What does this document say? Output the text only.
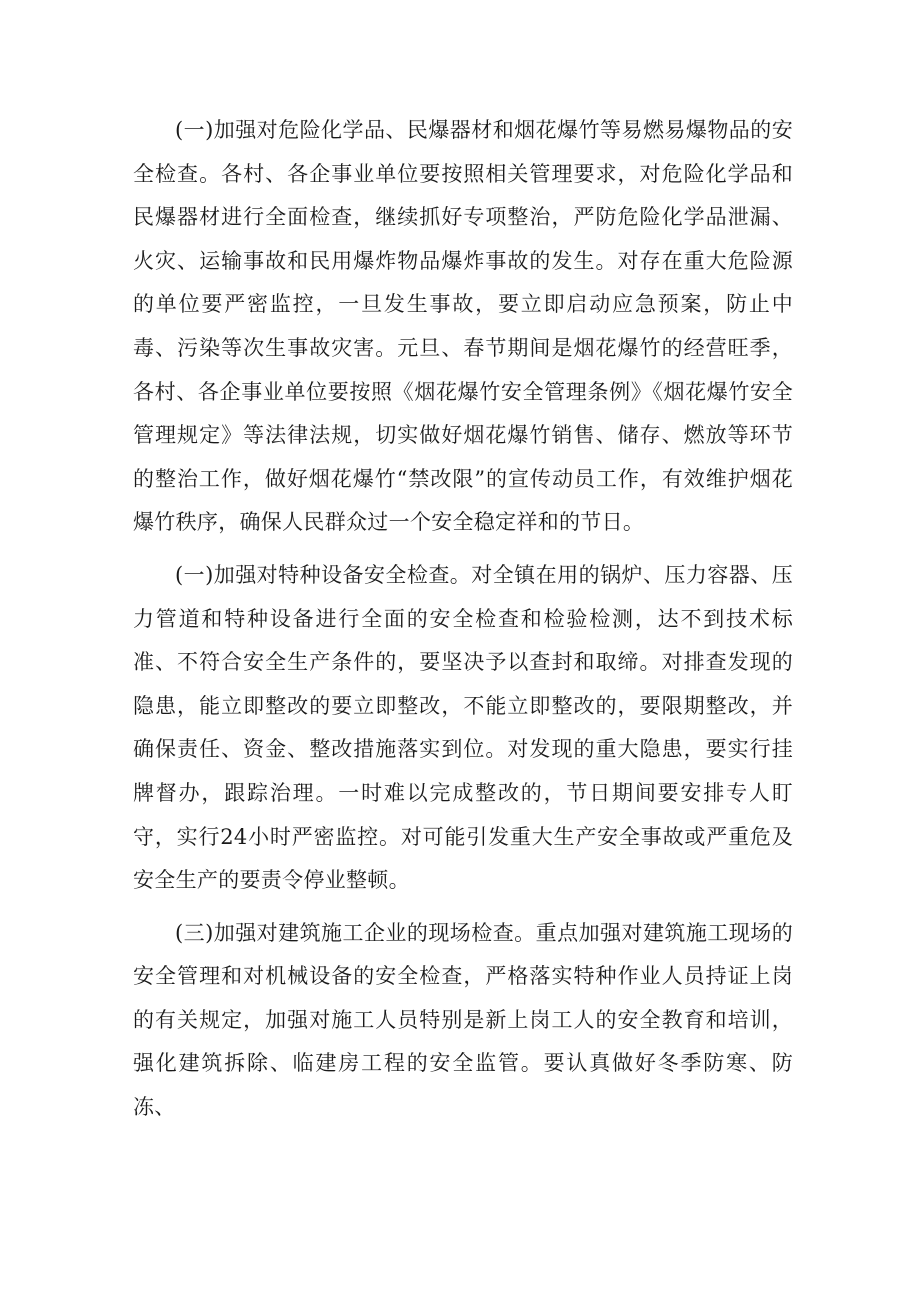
(一)加强对危险化学品、民爆器材和烟花爆竹等易燃易爆物品的安全检查。各村、各企事业单位要按照相关管理要求，对危险化学品和民爆器材进行全面检查，继续抓好专项整治，严防危险化学品泄漏、火灾、运输事故和民用爆炸物品爆炸事故的发生。对存在重大危险源的单位要严密监控，一旦发生事故，要立即启动应急预案，防止中毒、污染等次生事故灾害。元旦、春节期间是烟花爆竹的经营旺季，各村、各企事业单位要按照《烟花爆竹安全管理条例》《烟花爆竹安全管理规定》等法律法规，切实做好烟花爆竹销售、储存、燃放等环节的整治工作，做好烟花爆竹“禁改限”的宣传动员工作，有效维护烟花爆竹秩序，确保人民群众过一个安全稳定祥和的节日。

(一)加强对特种设备安全检查。对全镇在用的锅炉、压力容器、压力管道和特种设备进行全面的安全检查和检验检测，达不到技术标准、不符合安全生产条件的，要坚决予以查封和取缔。对排查发现的隐患，能立即整改的要立即整改，不能立即整改的，要限期整改，并确保责任、资金、整改措施落实到位。对发现的重大隐患，要实行挂牌督办，跟踪治理。一时难以完成整改的，节日期间要安排专人盯守，实行24小时严密监控。对可能引发重大生产安全事故或严重危及安全生产的要责令停业整顿。

(三)加强对建筑施工企业的现场检查。重点加强对建筑施工现场的安全管理和对机械设备的安全检查，严格落实特种作业人员持证上岗的有关规定，加强对施工人员特别是新上岗工人的安全教育和培训，强化建筑拆除、临建房工程的安全监管。要认真做好冬季防寒、防冻、
